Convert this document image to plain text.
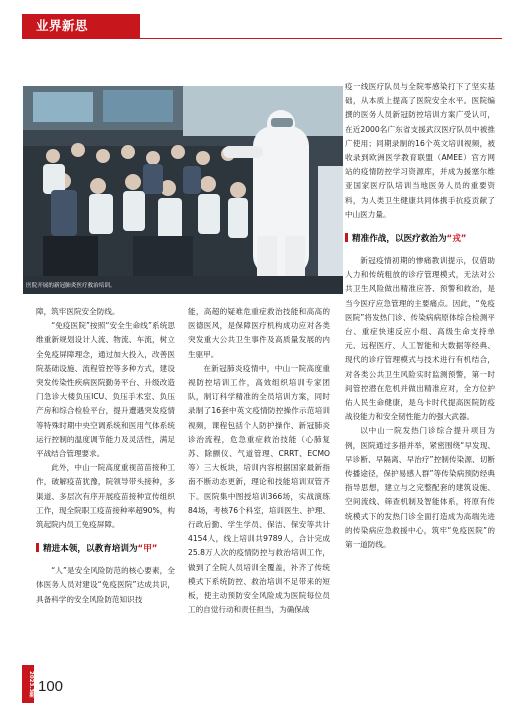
业界新思
医院开展的新冠肺炎医疗救治培训。

障，筑牢医院安全防线。

“免疫医院”按照“安全生命线”系统思维重新规划设计人流、物流、车流，树立全免疫屏障理念，通过加大投入，改善医院基础设施、流程管控等多种方式，建设突发传染性疾病医院勤务平台、升级改造门急诊大楼负压ICU、负压手术室、负压产房和综合检验平台，提升遭遇突发疫情等特殊时期中央空调系统和医用气体系统运行控制的温度调节能力及灵活性，满足平战结合管理要求。

此外，中山一院高度重视苗苗接种工作，破解疫苗犹豫，院领导带头接种，多渠道、多层次有序开展疫苗接种宣传组织工作，现全院职工疫苗接种率超90%，构筑起院内员工免疫屏障。

精进本领，以教育培训为“甲”

“人”是安全风险防范的核心要素，全体医务人员对建设“免疫医院”达成共识，具备科学的安全风险防范知识技

能，高超的疑难危重症救治技能和高高的医德医风，是保障医疗机构成功应对各类突发重大公共卫生事件及高质量发展的内生驱甲。

在新冠肺炎疫情中，中山一院高度重视防控培训工作，高效组织培训专家团队，制订科学精准的全员培训方案，同时录制了16套中英文疫情防控操作示范培训视频，课程包括个人防护操作、新冠肺炎诊治流程，危急重症救治技能（心肺复苏、除颤仪、气道管理、CRRT、ECMO等）三大板块，培训内容根据国家最新指南不断动态更新，理论和技能培训双管齐下。医院集中图授培训366场，实战演练84场，考核76个科室，培训医生、护理、行政后勤、学生学员、保洁、保安等共计4154人，线上培训共9789人，合计完成25.8万人次的疫情防控与救治培训工作，做到了全院人员培训全覆盖，补齐了传统模式下系统防控、救治培训不足带来的短板，使主动预防安全风险成为医院每位员工的自觉行动和责任担当，为确保战

疫一线医疗队员与全院零感染打下了坚实基础，从本质上提高了医院安全水平。医院编撰的医务人员新冠防控培训方案广受认可，在近2000名广东省支援武汉医疗队员中被推广使用；同期录制的16个英文培训视频，被收录到欧洲医学教育联盟（AMEE）官方网站的疫情防控学习资源库，并成为援塞尔维亚国家医疗队培训当地医务人员的重要资料，为人类卫生健康共同体携手抗疫贡献了中山医力量。

精准作战，以医疗救治为“戎”

新冠疫情初期的惨痛教训提示，仅借助人力和传统粗放的诊疗管理模式，无法对公共卫生风险做出精准应答、预警和救治，是当今医疗应急管理的主要痛点。因此，“免疫医院”将发热门诊、传染病病原体综合检测平台、重症快速反应小组、高级生命支持单元、远程医疗、人工智能和大数据等经典、现代的诊疗管理模式与技术进行有机结合，对各类公共卫生风险实时监测预警，第一时间管控潜在危机并做出精准应对，全方位护佑人民生命健康，是乌卡时代提高医院防疫战役能力和安全韧性能力的强大武器。

以中山一院发热门诊综合提升项目为例，医院通过多措并举，紧密围绕“早发现、早诊断、早隔离、早治疗”控制传染源、切断传播途径，保护易感人群”等传染病预防经典指导思想，建立与之完整配套的建筑设施、空间流线、筛查机制及智能体系，将原有传统模式下的发热门诊全面打造成为高端先进的传染病应急救援中心，筑牢“免疫医院”的第一道防线。

2023.3期 100
